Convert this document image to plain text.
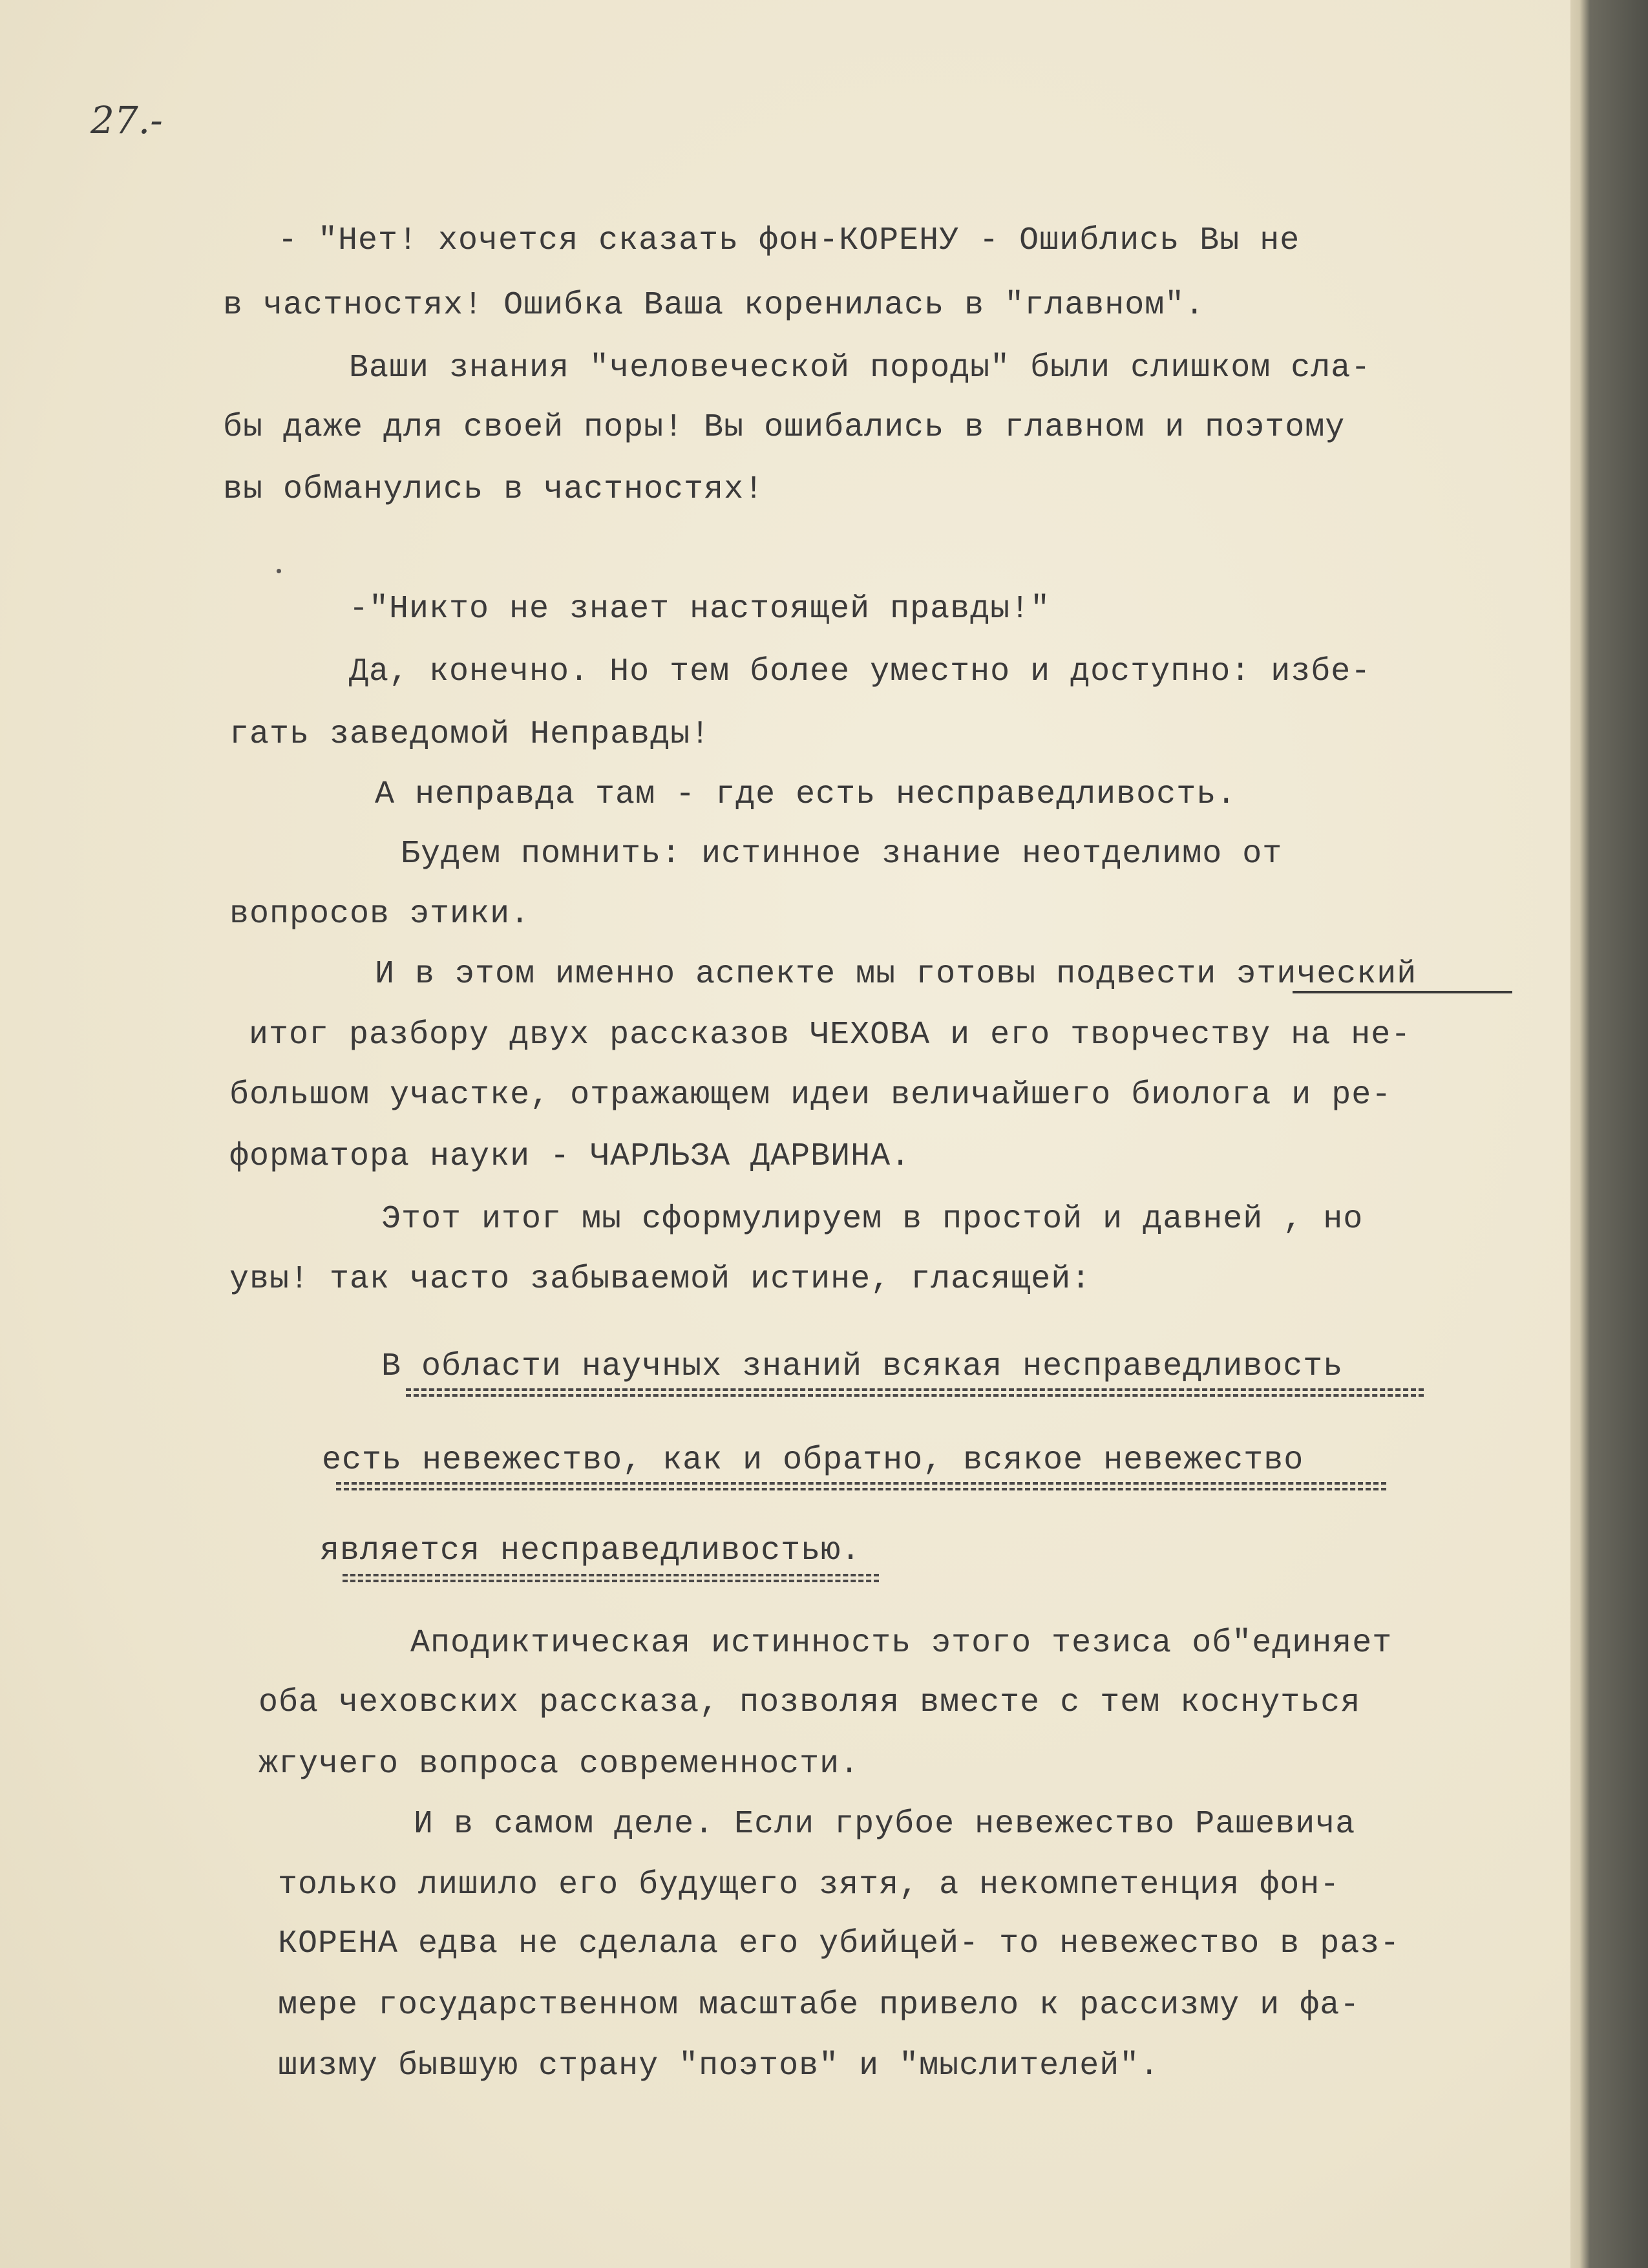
27.-

- "Нет! хочется сказать фон-КОРЕНУ - Ошиблись Вы не

в частностях! Ошибка Ваша коренилась в "главном".

Ваши знания "человеческой породы" были слишком сла-

бы даже для своей поры! Вы ошибались в главном и поэтому

вы обманулись в частностях!

-"Никто не знает настоящей правды!"

Да, конечно. Но тем более уместно и доступно: избе-

гать заведомой Неправды!

А неправда там - где есть несправедливость.

Будем помнить: истинное знание неотделимо от

вопросов этики.

И в этом именно аспекте мы готовы подвести этический

итог разбору двух рассказов ЧЕХОВА и его творчеству на не-

большом участке, отражающем идеи величайшего биолога и ре-

форматора науки - ЧАРЛЬЗА ДАРВИНА.

Этот итог мы сформулируем в простой и давней , но

увы! так часто забываемой истине, гласящей:

В области научных знаний всякая несправедливость

есть невежество, как и обратно, всякое невежество

является несправедливостью.

Аподиктическая истинность этого тезиса об"единяет

оба чеховских рассказа, позволяя вместе с тем коснуться

жгучего вопроса современности.

И в самом деле. Если грубое невежество Рашевича

только лишило его будущего зятя, а некомпетенция фон-

КОРЕНА едва не сделала его убийцей- то невежество в раз-

мере государственном масштабе привело к рассизму и фа-

шизму бывшую страну "поэтов" и "мыслителей".
